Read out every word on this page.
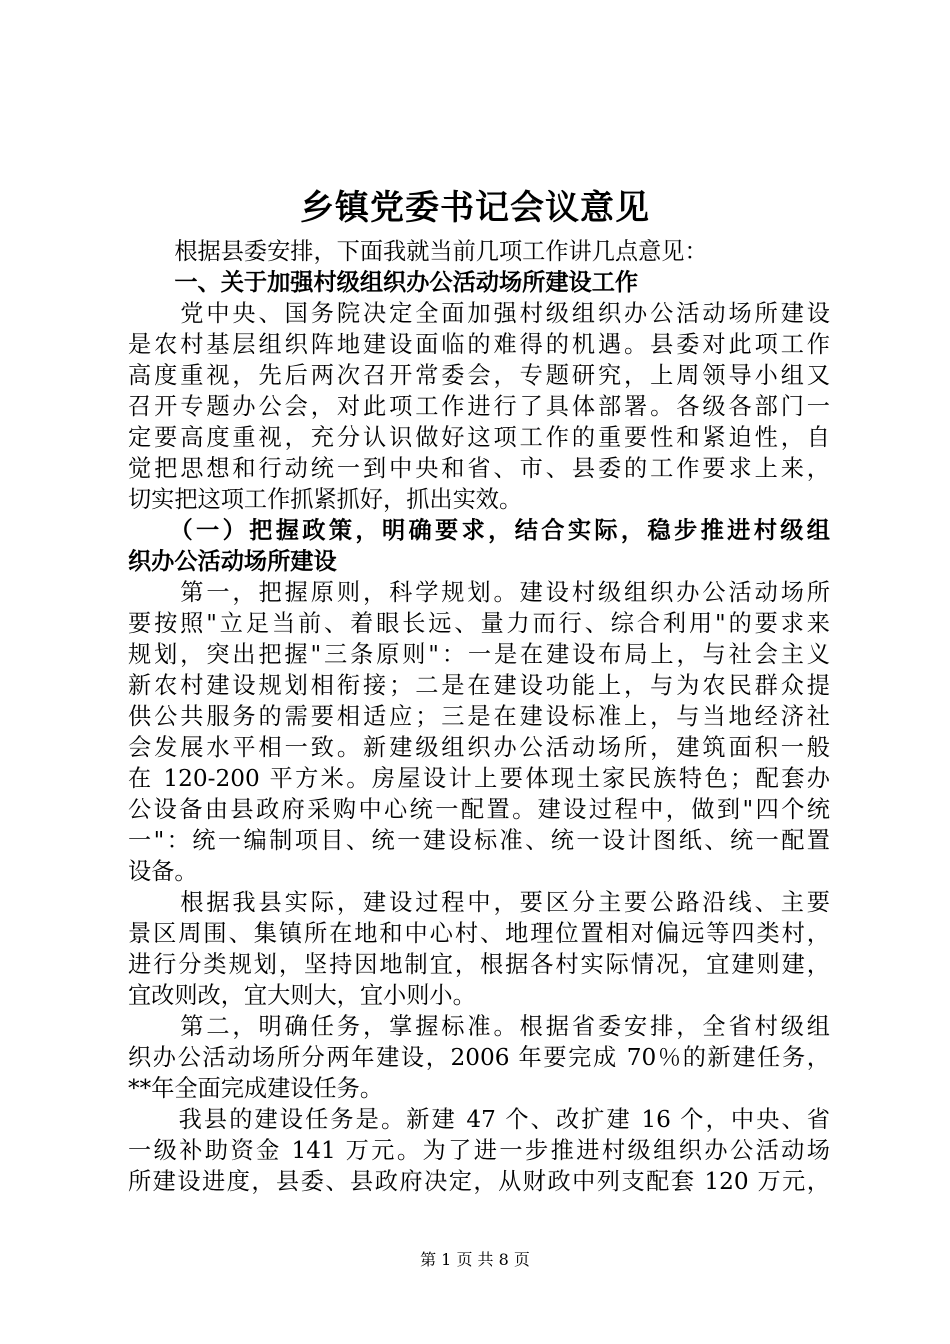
乡镇党委书记会议意见
　　根据县委安排，下面我就当前几项工作讲几点意见：
　　一、关于加强村级组织办公活动场所建设工作
　　党中央、国务院决定全面加强村级组织办公活动场所建设
是农村基层组织阵地建设面临的难得的机遇。县委对此项工作
高度重视，先后两次召开常委会，专题研究，上周领导小组又
召开专题办公会，对此项工作进行了具体部署。各级各部门一
定要高度重视，充分认识做好这项工作的重要性和紧迫性，自
觉把思想和行动统一到中央和省、市、县委的工作要求上来，
切实把这项工作抓紧抓好，抓出实效。
　　（一）把握政策，明确要求，结合实际，稳步推进村级组
织办公活动场所建设
　　第一，把握原则，科学规划。建设村级组织办公活动场所
要按照"立足当前、着眼长远、量力而行、综合利用"的要求来
规划，突出把握"三条原则"：一是在建设布局上，与社会主义
新农村建设规划相衔接；二是在建设功能上，与为农民群众提
供公共服务的需要相适应；三是在建设标准上，与当地经济社
会发展水平相一致。新建级组织办公活动场所，建筑面积一般
在 120-200 平方米。房屋设计上要体现土家民族特色；配套办
公设备由县政府采购中心统一配置。建设过程中，做到"四个统
一"：统一编制项目、统一建设标准、统一设计图纸、统一配置
设备。
　　根据我县实际，建设过程中，要区分主要公路沿线、主要
景区周围、集镇所在地和中心村、地理位置相对偏远等四类村，
进行分类规划，坚持因地制宜，根据各村实际情况，宜建则建，
宜改则改，宜大则大，宜小则小。
　　第二，明确任务，掌握标准。根据省委安排，全省村级组
织办公活动场所分两年建设，2006 年要完成 70％的新建任务，
**年全面完成建设任务。
　　我县的建设任务是。新建 47 个、改扩建 16 个，中央、省
一级补助资金 141 万元。为了进一步推进村级组织办公活动场
所建设进度，县委、县政府决定，从财政中列支配套 120 万元，
第 1 页 共 8 页
